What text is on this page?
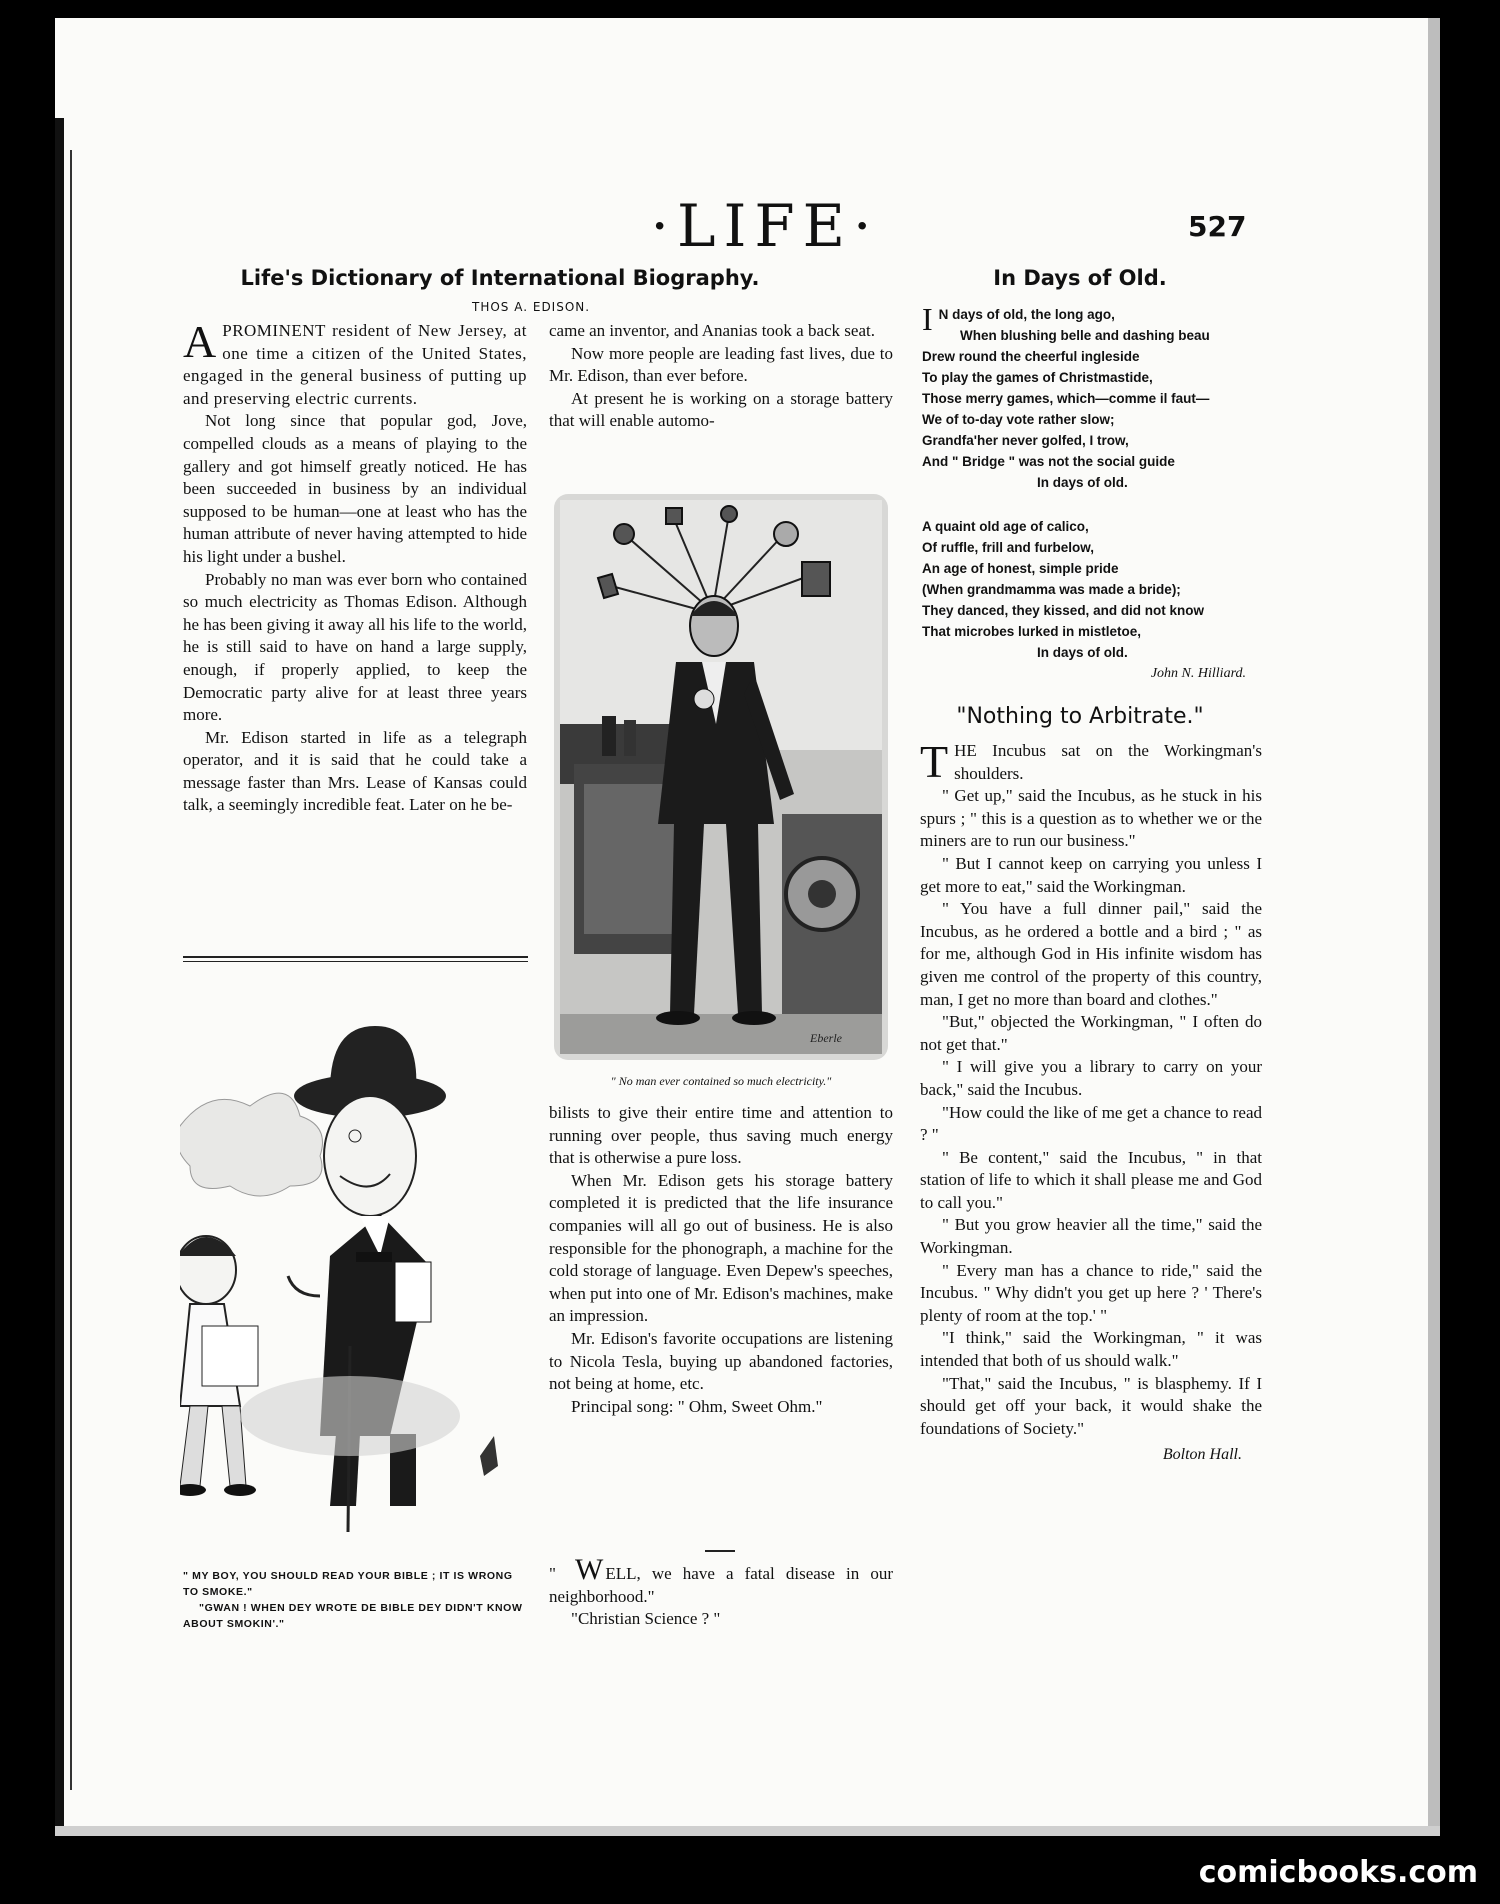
·LIFE·	527
Life's Dictionary of International Biography.
THOS A. EDISON.

APROMINENT resident of New Jersey, at one time a citizen of the United States, engaged in the general business of putting up and preserving electric currents.

Not long since that popular god, Jove, compelled clouds as a means of playing to the gallery and got himself greatly noticed. He has been succeeded in business by an individual supposed to be human—one at least who has the human attribute of never having attempted to hide his light under a bushel.

Probably no man was ever born who contained so much electricity as Thomas Edison. Although he has been giving it away all his life to the world, he is still said to have on hand a large supply, enough, if properly applied, to keep the Democratic party alive for at least three years more.

Mr. Edison started in life as a telegraph operator, and it is said that he could take a message faster than Mrs. Lease of Kansas could talk, a seemingly incredible feat. Later on he be-

came an inventor, and Ananias took a back seat.

Now more people are leading fast lives, due to Mr. Edison, than ever before.

At present he is working on a storage battery that will enable automo-

Eberle
" No man ever contained so much electricity."

bilists to give their entire time and attention to running over people, thus saving much energy that is otherwise a pure loss.

When Mr. Edison gets his storage battery completed it is predicted that the life insurance companies will all go out of business. He is also responsible for the phonograph, a machine for the cold storage of language. Even Depew's speeches, when put into one of Mr. Edison's machines, make an impression.

Mr. Edison's favorite occupations are listening to Nicola Tesla, buying up abandoned factories, not being at home, etc.

Principal song: " Ohm, Sweet Ohm."

" W ELL, we have a fatal disease in our neighborhood."

"Christian Science ? "

" MY BOY, YOU SHOULD READ YOUR BIBLE ; IT IS WRONG TO SMOKE."
"GWAN ! WHEN DEY WROTE DE BIBLE DEY DIDN'T KNOW ABOUT SMOKIN'."
In Days of Old.
I N days of old, the long ago,
When blushing belle and dashing beau
Drew round the cheerful ingleside
To play the games of Christmastide,
Those merry games, which—comme il faut—
We of to-day vote rather slow;
Grandfa'her never golfed, I trow,
And " Bridge " was not the social guide
In days of old.
A quaint old age of calico,
Of ruffle, frill and furbelow,
An age of honest, simple pride
(When grandmamma was made a bride);
They danced, they kissed, and did not know
That microbes lurked in mistletoe,
In days of old.
John N. Hilliard.
"Nothing to Arbitrate."

THE Incubus sat on the Workingman's shoulders.

" Get up," said the Incubus, as he stuck in his spurs ; " this is a question as to whether we or the miners are to run our business."

" But I cannot keep on carrying you unless I get more to eat," said the Workingman.

" You have a full dinner pail," said the Incubus, as he ordered a bottle and a bird ; " as for me, although God in His infinite wisdom has given me control of the property of this country, man, I get no more than board and clothes."

"But," objected the Workingman, " I often do not get that."

" I will give you a library to carry on your back," said the Incubus.

"How could the like of me get a chance to read ? "

" Be content," said the Incubus, " in that station of life to which it shall please me and God to call you."

" But you grow heavier all the time," said the Workingman.

" Every man has a chance to ride," said the Incubus. " Why didn't you get up here ? ' There's plenty of room at the top.' "

"I think," said the Workingman, " it was intended that both of us should walk."

"That," said the Incubus, " is blasphemy. If I should get off your back, it would shake the foundations of Society."

Bolton Hall.
comicbooks.com
